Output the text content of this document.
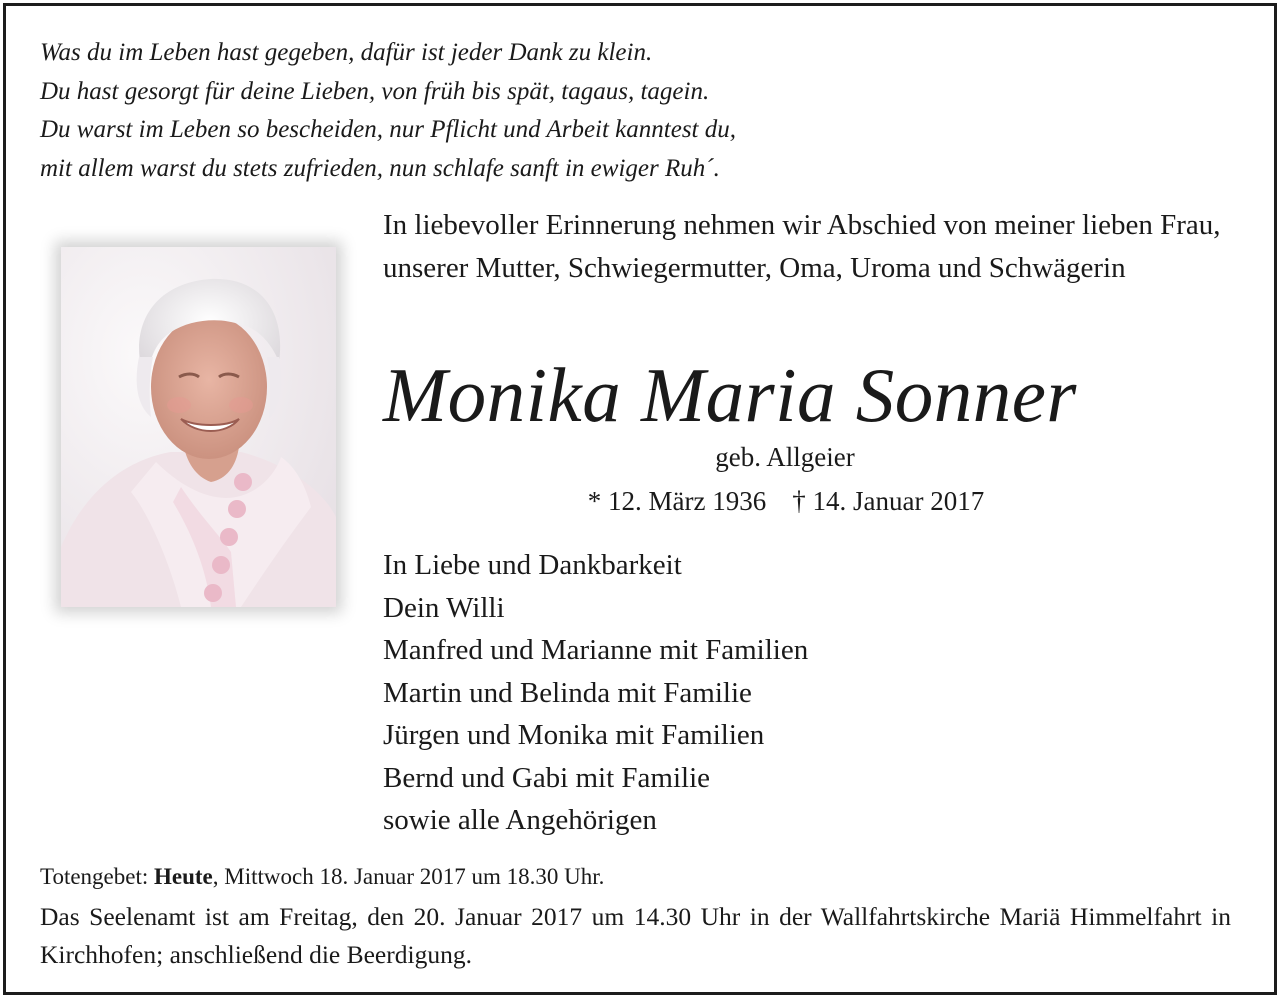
Was du im Leben hast gegeben, dafür ist jeder Dank zu klein.
Du hast gesorgt für deine Lieben, von früh bis spät, tagaus, tagein.
Du warst im Leben so bescheiden, nur Pflicht und Arbeit kanntest du,
mit allem warst du stets zufrieden, nun schlafe sanft in ewiger Ruh´.
In liebevoller Erinnerung nehmen wir Abschied von meiner lieben Frau, unserer Mutter, Schwiegermutter, Oma, Uroma und Schwägerin
Monika Maria Sonner
geb. Allgeier
* 12. März 1936 † 14. Januar 2017
In Liebe und Dankbarkeit
Dein Willi
Manfred und Marianne mit Familien
Martin und Belinda mit Familie
Jürgen und Monika mit Familien
Bernd und Gabi mit Familie
sowie alle Angehörigen
Totengebet: Heute, Mittwoch 18. Januar 2017 um 18.30 Uhr.
Das Seelenamt ist am Freitag, den 20. Januar 2017 um 14.30 Uhr in der Wallfahrtskirche Mariä Himmelfahrt in Kirchhofen; anschließend die Beerdigung.
